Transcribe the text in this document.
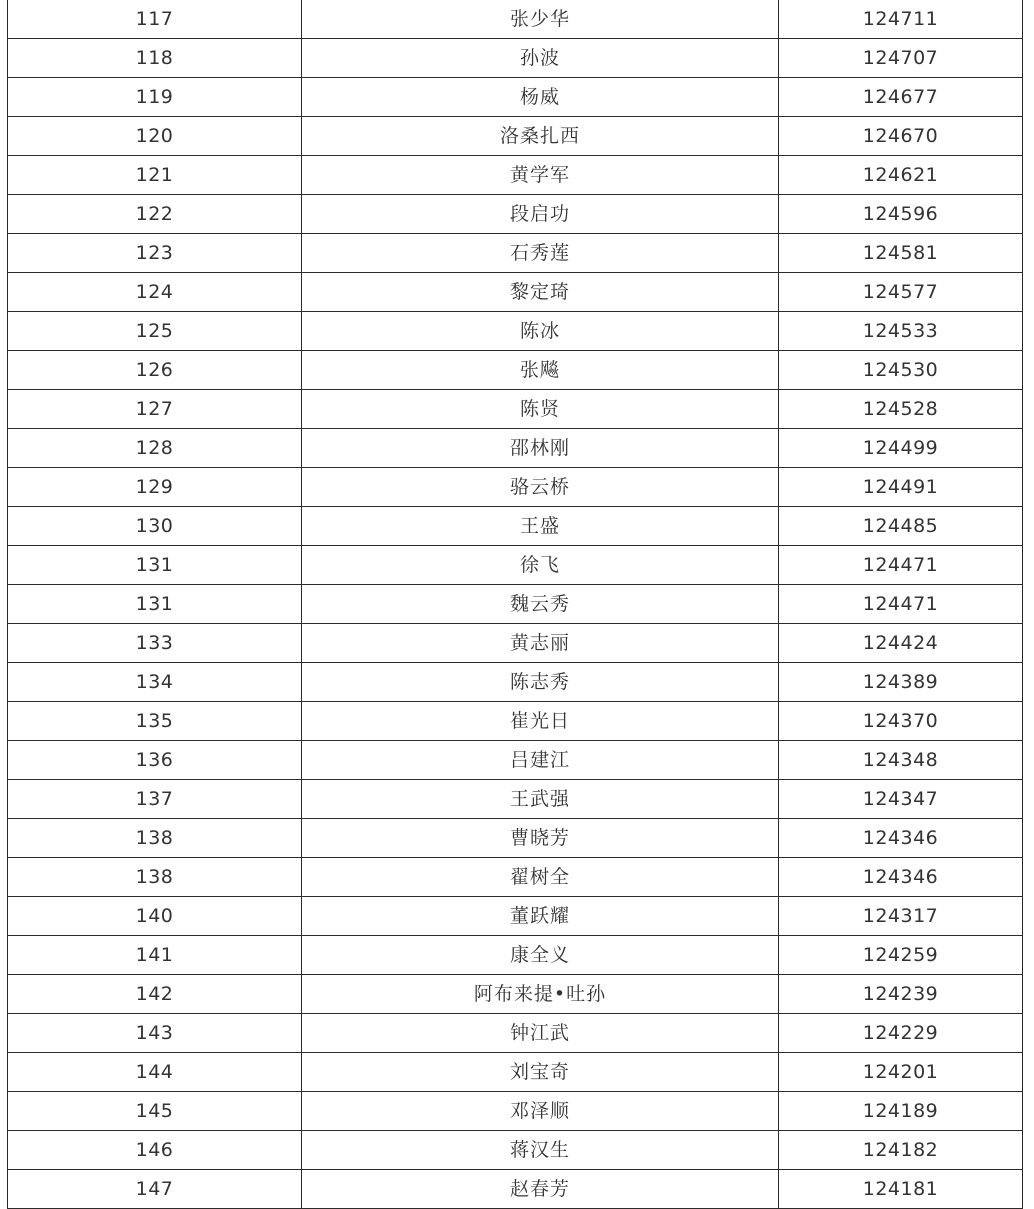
117	张少华	124711
118	孙波	124707
119	杨威	124677
120	洛桑扎西	124670
121	黄学军	124621
122	段启功	124596
123	石秀莲	124581
124	黎定琦	124577
125	陈冰	124533
126	张飚	124530
127	陈贤	124528
128	邵林刚	124499
129	骆云桥	124491
130	王盛	124485
131	徐飞	124471
131	魏云秀	124471
133	黄志丽	124424
134	陈志秀	124389
135	崔光日	124370
136	吕建江	124348
137	王武强	124347
138	曹晓芳	124346
138	翟树全	124346
140	董跃耀	124317
141	康全义	124259
142	阿布来提•吐孙	124239
143	钟江武	124229
144	刘宝奇	124201
145	邓泽顺	124189
146	蒋汉生	124182
147	赵春芳	124181
